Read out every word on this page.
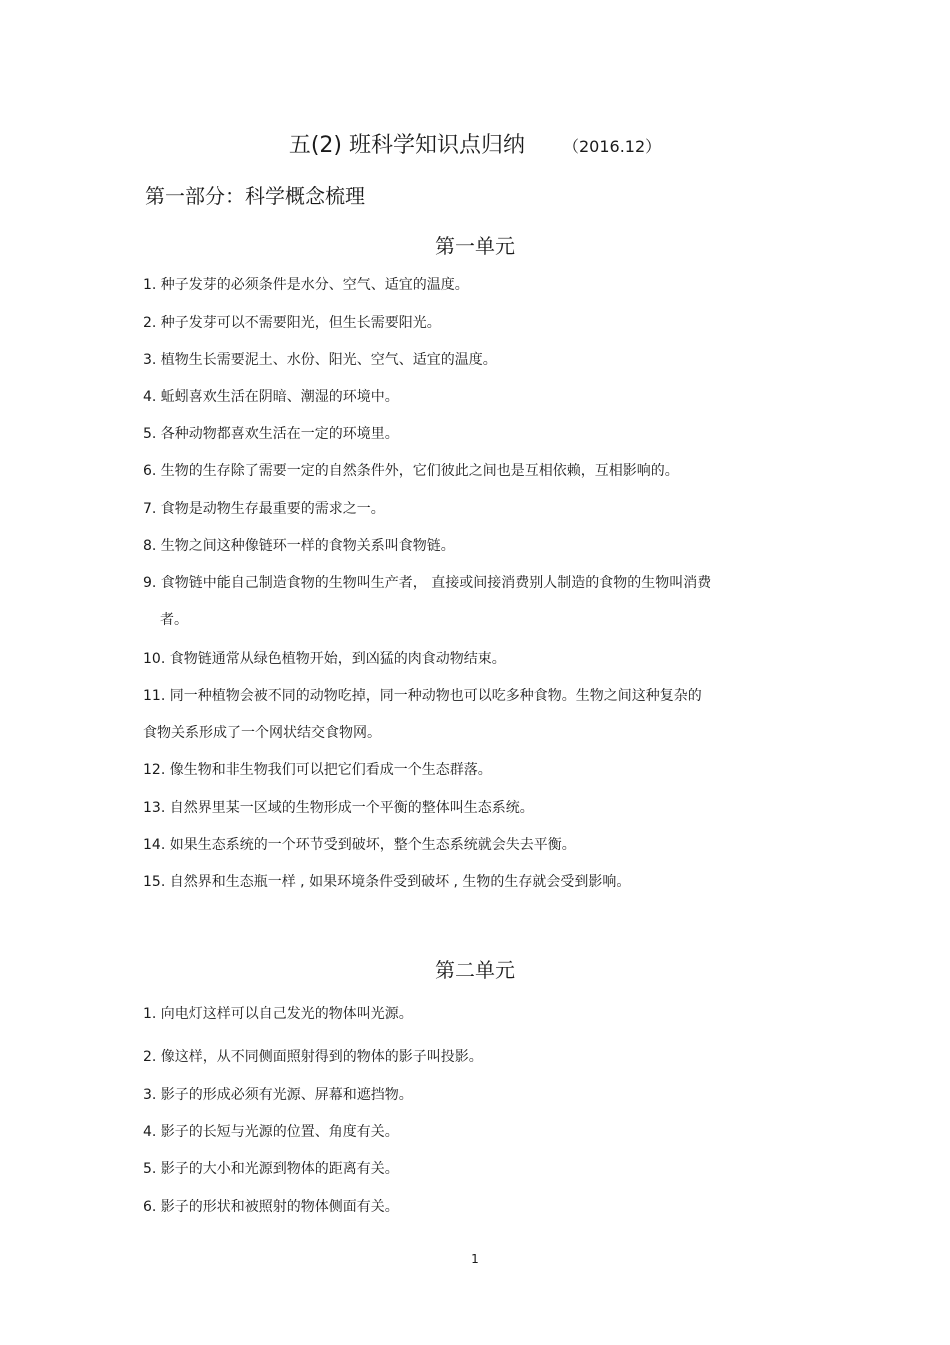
五(2) 班科学知识点归纳 （2016.12）
第一部分：科学概念梳理
第一单元
1. 种子发芽的必须条件是水分、空气、适宜的温度。
2. 种子发芽可以不需要阳光，但生长需要阳光。
3. 植物生长需要泥土、水份、阳光、空气、适宜的温度。
4. 蚯蚓喜欢生活在阴暗、潮湿的环境中。
5. 各种动物都喜欢生活在一定的环境里。
6. 生物的生存除了需要一定的自然条件外，它们彼此之间也是互相依赖，互相影响的。
7. 食物是动物生存最重要的需求之一。
8. 生物之间这种像链环一样的食物关系叫食物链。
9. 食物链中能自己制造食物的生物叫生产者， 直接或间接消费别人制造的食物的生物叫消费
者。
10. 食物链通常从绿色植物开始，到凶猛的肉食动物结束。
11. 同一种植物会被不同的动物吃掉，同一种动物也可以吃多种食物。生物之间这种复杂的
食物关系形成了一个网状结交食物网。
12. 像生物和非生物我们可以把它们看成一个生态群落。
13. 自然界里某一区域的生物形成一个平衡的整体叫生态系统。
14. 如果生态系统的一个环节受到破坏，整个生态系统就会失去平衡。
15. 自然界和生态瓶一样 , 如果环境条件受到破坏 , 生物的生存就会受到影响。
第二单元
1. 向电灯这样可以自己发光的物体叫光源。
2. 像这样，从不同侧面照射得到的物体的影子叫投影。
3. 影子的形成必须有光源、屏幕和遮挡物。
4. 影子的长短与光源的位置、角度有关。
5. 影子的大小和光源到物体的距离有关。
6. 影子的形状和被照射的物体侧面有关。
1
